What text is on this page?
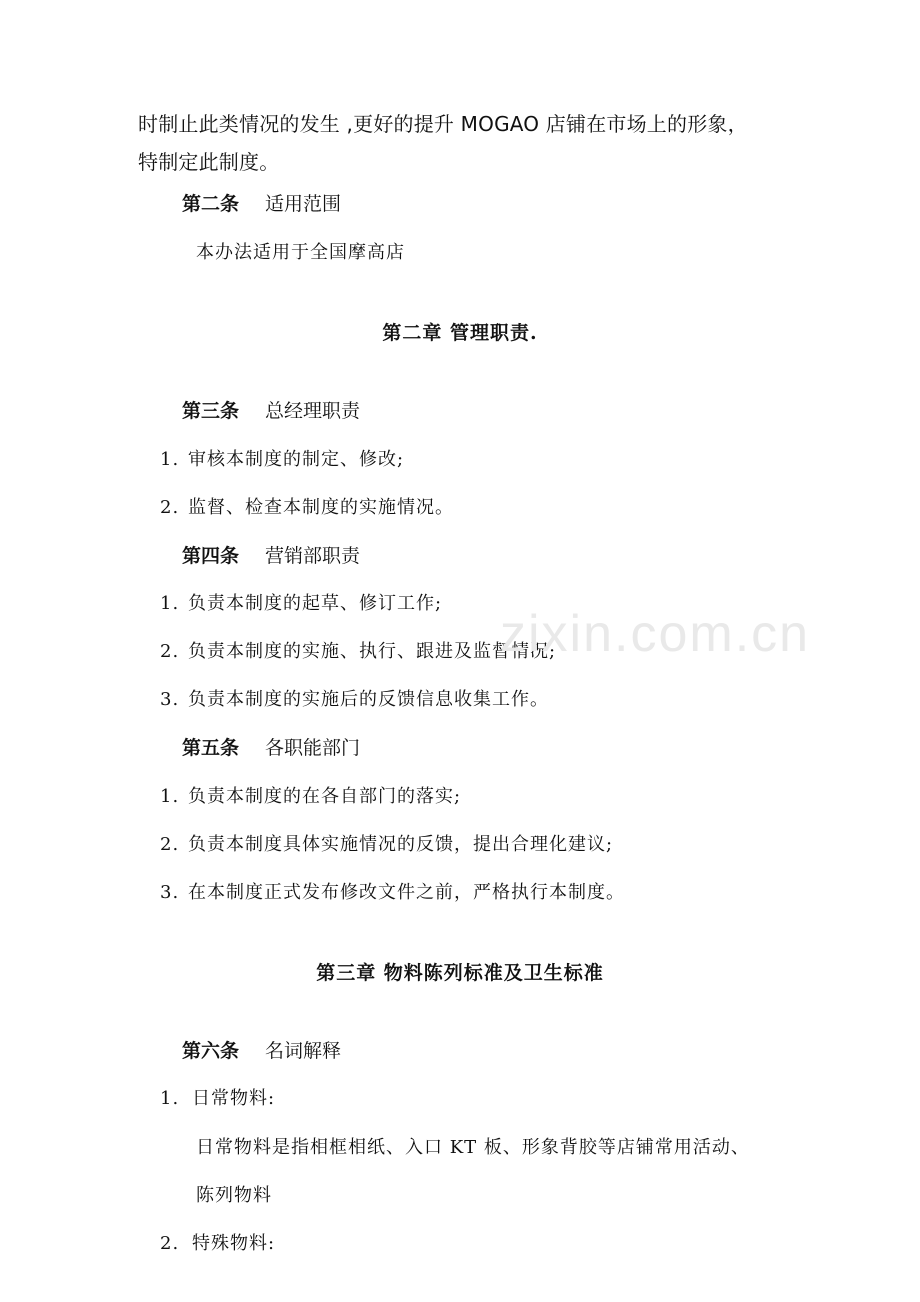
时制止此类情况的发生 ,更好的提升 MOGAO 店铺在市场上的形象，
特制定此制度。
第二条 适用范围
本办法适用于全国摩高店
第二章 管理职责.
第三条 总经理职责
1. 审核本制度的制定、修改;
2. 监督、检查本制度的实施情况。
第四条 营销部职责
1. 负责本制度的起草、修订工作;
2. 负责本制度的实施、执行、跟进及监督情况;
3. 负责本制度的实施后的反馈信息收集工作。
第五条 各职能部门
1. 负责本制度的在各自部门的落实;
2. 负责本制度具体实施情况的反馈，提出合理化建议;
3. 在本制度正式发布修改文件之前，严格执行本制度。
第三章 物料陈列标准及卫生标准
第六条 名词解释
1. 日常物料:
日常物料是指相框相纸、入口 KT 板、形象背胶等店铺常用活动、
陈列物料
2. 特殊物料:
zixin.com.cn
